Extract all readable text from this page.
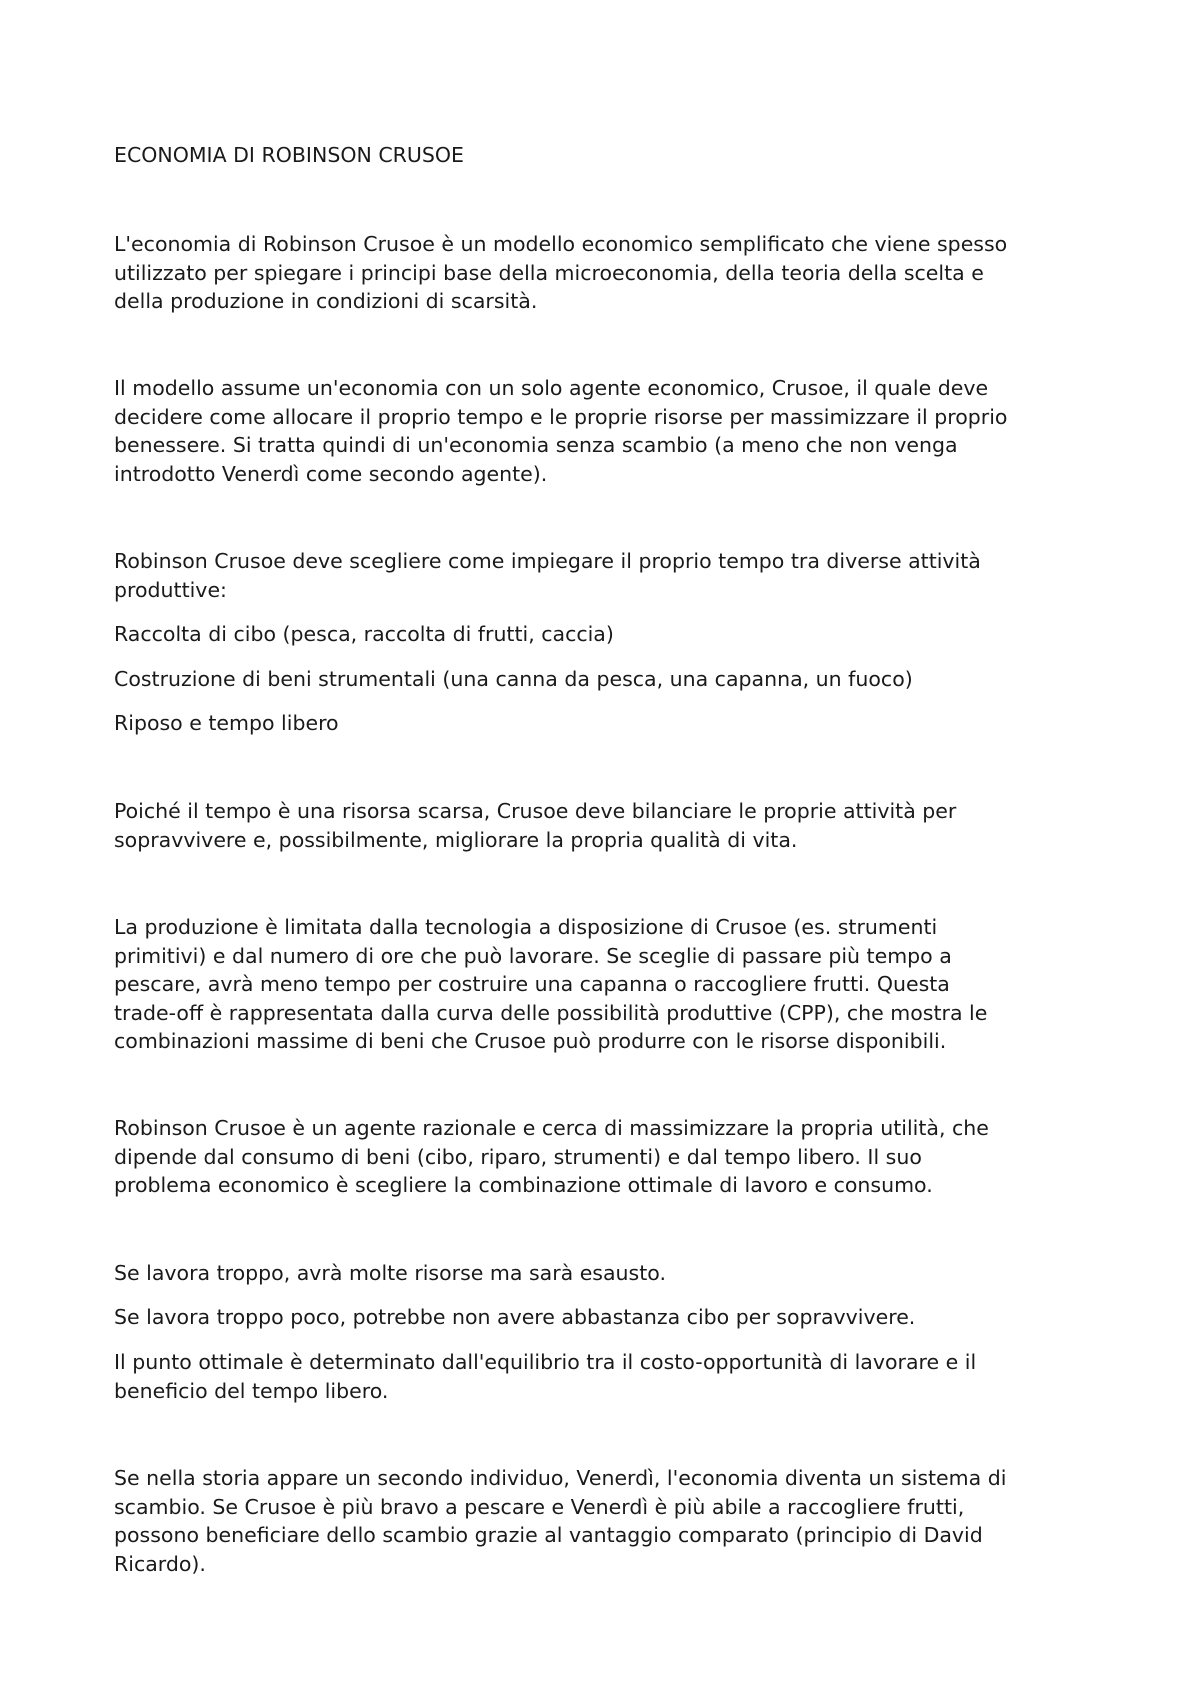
ECONOMIA DI ROBINSON CRUSOE

L'economia di Robinson Crusoe è un modello economico semplificato che viene spesso
utilizzato per spiegare i principi base della microeconomia, della teoria della scelta e
della produzione in condizioni di scarsità.

Il modello assume un'economia con un solo agente economico, Crusoe, il quale deve
decidere come allocare il proprio tempo e le proprie risorse per massimizzare il proprio
benessere. Si tratta quindi di un'economia senza scambio (a meno che non venga
introdotto Venerdì come secondo agente).

Robinson Crusoe deve scegliere come impiegare il proprio tempo tra diverse attività
produttive:

Raccolta di cibo (pesca, raccolta di frutti, caccia)

Costruzione di beni strumentali (una canna da pesca, una capanna, un fuoco)

Riposo e tempo libero

Poiché il tempo è una risorsa scarsa, Crusoe deve bilanciare le proprie attività per
sopravvivere e, possibilmente, migliorare la propria qualità di vita.

La produzione è limitata dalla tecnologia a disposizione di Crusoe (es. strumenti
primitivi) e dal numero di ore che può lavorare. Se sceglie di passare più tempo a
pescare, avrà meno tempo per costruire una capanna o raccogliere frutti. Questa
trade-off è rappresentata dalla curva delle possibilità produttive (CPP), che mostra le
combinazioni massime di beni che Crusoe può produrre con le risorse disponibili.

Robinson Crusoe è un agente razionale e cerca di massimizzare la propria utilità, che
dipende dal consumo di beni (cibo, riparo, strumenti) e dal tempo libero. Il suo
problema economico è scegliere la combinazione ottimale di lavoro e consumo.

Se lavora troppo, avrà molte risorse ma sarà esausto.

Se lavora troppo poco, potrebbe non avere abbastanza cibo per sopravvivere.

Il punto ottimale è determinato dall'equilibrio tra il costo-opportunità di lavorare e il
beneficio del tempo libero.

Se nella storia appare un secondo individuo, Venerdì, l'economia diventa un sistema di
scambio. Se Crusoe è più bravo a pescare e Venerdì è più abile a raccogliere frutti,
possono beneficiare dello scambio grazie al vantaggio comparato (principio di David
Ricardo).
